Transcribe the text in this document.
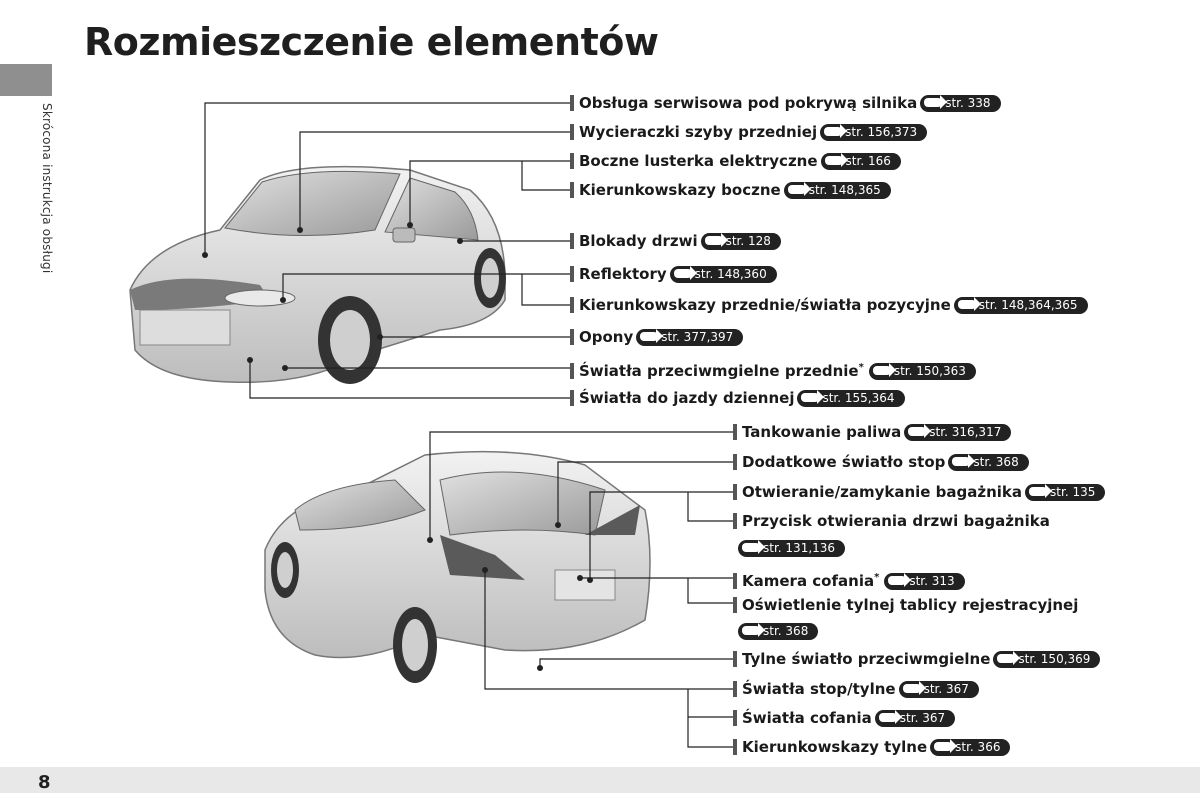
Skrócona instrukcja obsługi
Rozmieszczenie elementów
Obsługa serwisowa pod pokrywą silnika str. 338
Wycieraczki szyby przedniej str. 156,373
Boczne lusterka elektryczne str. 166
Kierunkowskazy boczne str. 148,365
Blokady drzwi str. 128
Reflektory str. 148,360
Kierunkowskazy przednie/światła pozycyjne str. 148,364,365
Opony str. 377,397
Światła przeciwmgielne przednie*	str. 150,363
Światła do jazdy dziennej str. 155,364
Tankowanie paliwa str. 316,317
Dodatkowe światło stop str. 368
Otwieranie/zamykanie bagażnika str. 135
Przycisk otwierania drzwi bagażnika
str. 131,136
Kamera cofania*	str. 313
Oświetlenie tylnej tablicy rejestracyjnej
str. 368
Tylne światło przeciwmgielne str. 150,369
Światła stop/tylne str. 367
Światła cofania str. 367
Kierunkowskazy tylne str. 366
8
